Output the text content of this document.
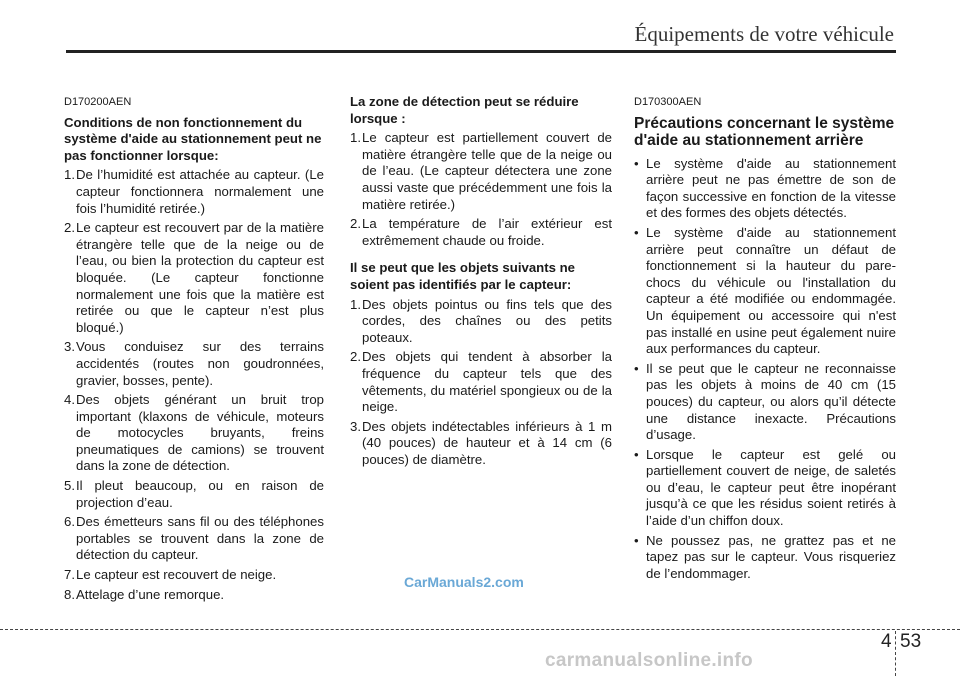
Équipements de votre véhicule
D170200AEN
Conditions de non fonctionnement du système d'aide au stationnement peut ne pas fonctionner lorsque:
1. De l’humidité est attachée au capteur. (Le capteur fonctionnera normalement une fois l’humidité retirée.)
2. Le capteur est recouvert par de la matière étrangère telle que de la neige ou de l’eau, ou bien la protection du capteur est bloquée. (Le capteur fonctionne normalement une fois que la matière est retirée ou que le capteur n’est plus bloqué.)
3. Vous conduisez sur des terrains accidentés (routes non goudronnées, gravier, bosses, pente).
4. Des objets générant un bruit trop important (klaxons de véhicule, moteurs de motocycles bruyants, freins pneumatiques de camions) se trouvent dans la zone de détection.
5. Il pleut beaucoup, ou en raison de projection d’eau.
6. Des émetteurs sans fil ou des téléphones portables se trouvent dans la zone de détection du capteur.
7. Le capteur est recouvert de neige.
8. Attelage d’une remorque.
La zone de détection peut se réduire lorsque :
1. Le capteur est partiellement couvert de matière étrangère telle que de la neige ou de l’eau. (Le capteur détectera une zone aussi vaste que précédemment une fois la matière retirée.)
2. La température de l’air extérieur est extrêmement chaude ou froide.
Il se peut que les objets suivants ne soient pas identifiés par le capteur:
1. Des objets pointus ou fins tels que des cordes, des chaînes ou des petits poteaux.
2. Des objets qui tendent à absorber la fréquence du capteur tels que des vêtements, du matériel spongieux ou de la neige.
3. Des objets indétectables inférieurs à 1 m (40 pouces) de hauteur et à 14 cm (6 pouces) de diamètre.
D170300AEN
Précautions concernant le système d'aide au stationnement arrière
• Le système d'aide au stationnement arrière peut ne pas émettre de son de façon successive en fonction de la vitesse et des formes des objets détectés.
• Le système d'aide au stationnement arrière peut connaître un défaut de fonctionnement si la hauteur du pare-chocs du véhicule ou l'installation du capteur a été modifiée ou endommagée. Un équipement ou accessoire qui n'est pas installé en usine peut également nuire aux performances du capteur.
• Il se peut que le capteur ne reconnaisse pas les objets à moins de 40 cm (15 pouces) du capteur, ou alors qu’il détecte une distance inexacte. Précautions d’usage.
• Lorsque le capteur est gelé ou partiellement couvert de neige, de saletés ou d’eau, le capteur peut être inopérant jusqu’à ce que les résidus soient retirés à l’aide d’un chiffon doux.
• Ne poussez pas, ne grattez pas et ne tapez pas sur le capteur. Vous risqueriez de l’endommager.
CarManuals2.com
4 53
carmanualsonline.info
